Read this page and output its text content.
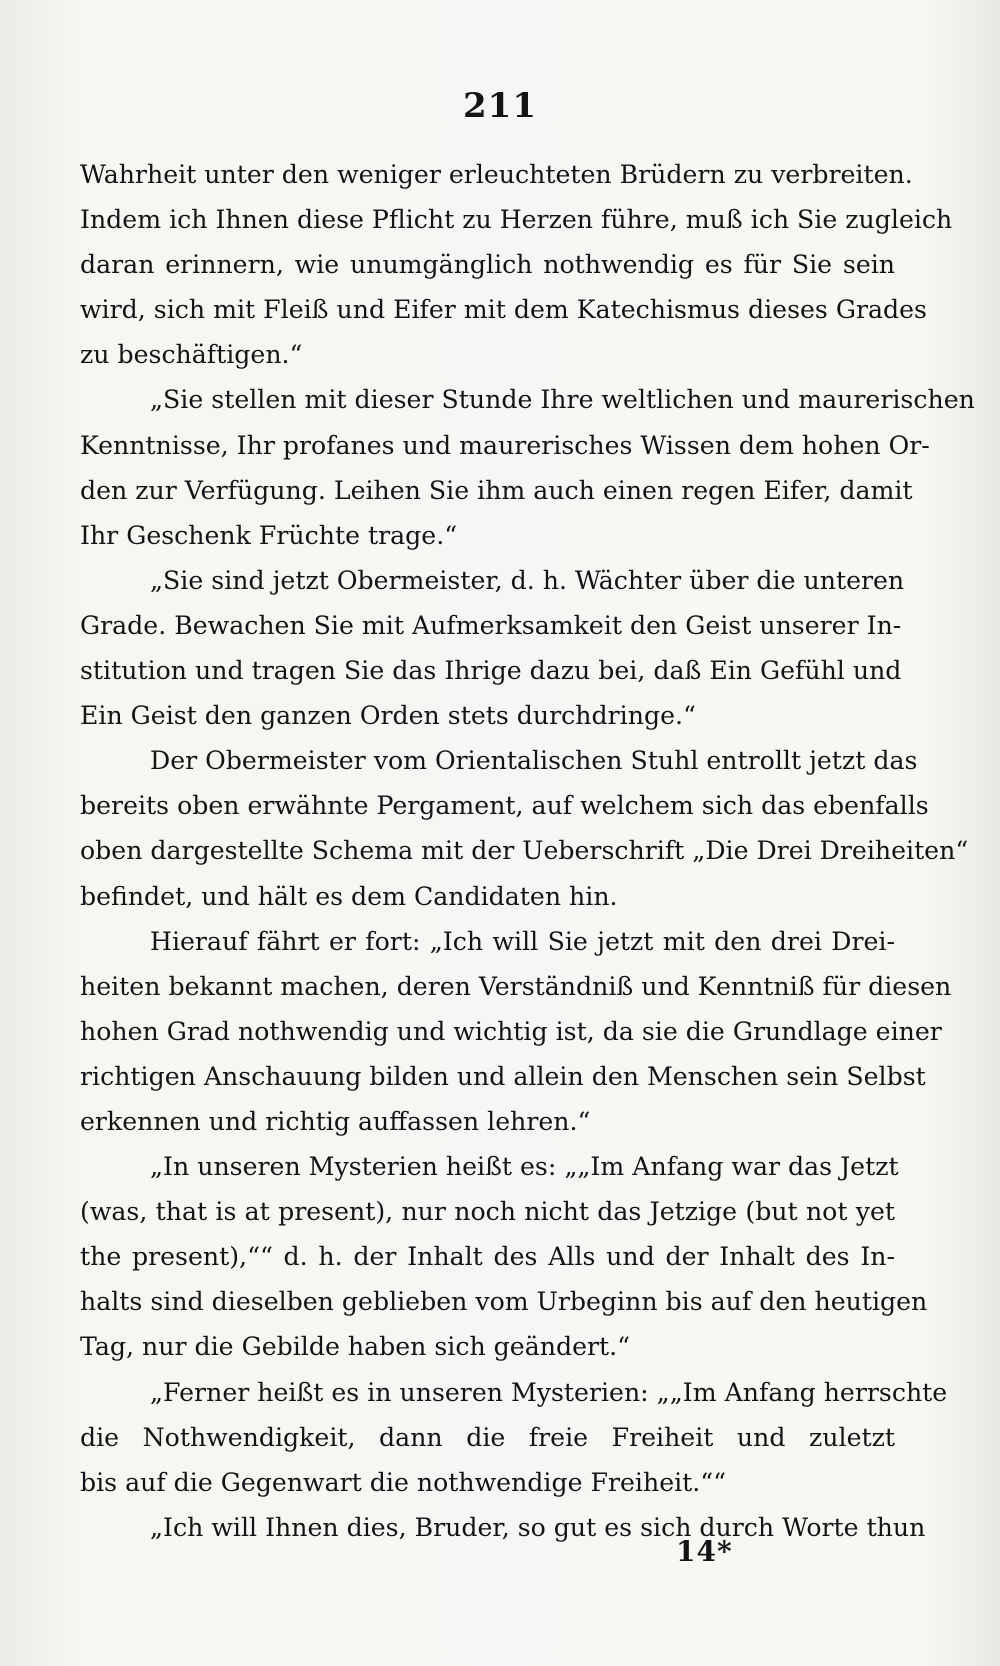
211
Wahrheit unter den weniger erleuchteten Brüdern zu verbreiten.
Indem ich Ihnen diese Pflicht zu Herzen führe, muß ich Sie zugleich
daran erinnern, wie unumgänglich nothwendig es für Sie sein
wird, sich mit Fleiß und Eifer mit dem Katechismus dieses Grades
zu beschäftigen.“
„Sie stellen mit dieser Stunde Ihre weltlichen und maurerischen
Kenntnisse, Ihr profanes und maurerisches Wissen dem hohen Or-
den zur Verfügung. Leihen Sie ihm auch einen regen Eifer, damit
Ihr Geschenk Früchte trage.“
„Sie sind jetzt Obermeister, d. h. Wächter über die unteren
Grade. Bewachen Sie mit Aufmerksamkeit den Geist unserer In-
stitution und tragen Sie das Ihrige dazu bei, daß Ein Gefühl und
Ein Geist den ganzen Orden stets durchdringe.“
Der Obermeister vom Orientalischen Stuhl entrollt jetzt das
bereits oben erwähnte Pergament, auf welchem sich das ebenfalls
oben dargestellte Schema mit der Ueberschrift „Die Drei Dreiheiten“
befindet, und hält es dem Candidaten hin.
Hierauf fährt er fort: „Ich will Sie jetzt mit den drei Drei-
heiten bekannt machen, deren Verständniß und Kenntniß für diesen
hohen Grad nothwendig und wichtig ist, da sie die Grundlage einer
richtigen Anschauung bilden und allein den Menschen sein Selbst
erkennen und richtig auffassen lehren.“
„In unseren Mysterien heißt es: „„Im Anfang war das Jetzt
(was, that is at present), nur noch nicht das Jetzige (but not yet
the present),““ d. h. der Inhalt des Alls und der Inhalt des In-
halts sind dieselben geblieben vom Urbeginn bis auf den heutigen
Tag, nur die Gebilde haben sich geändert.“
„Ferner heißt es in unseren Mysterien: „„Im Anfang herrschte
die Nothwendigkeit, dann die freie Freiheit und zuletzt
bis auf die Gegenwart die nothwendige Freiheit.““
„Ich will Ihnen dies, Bruder, so gut es sich durch Worte thun
14*
